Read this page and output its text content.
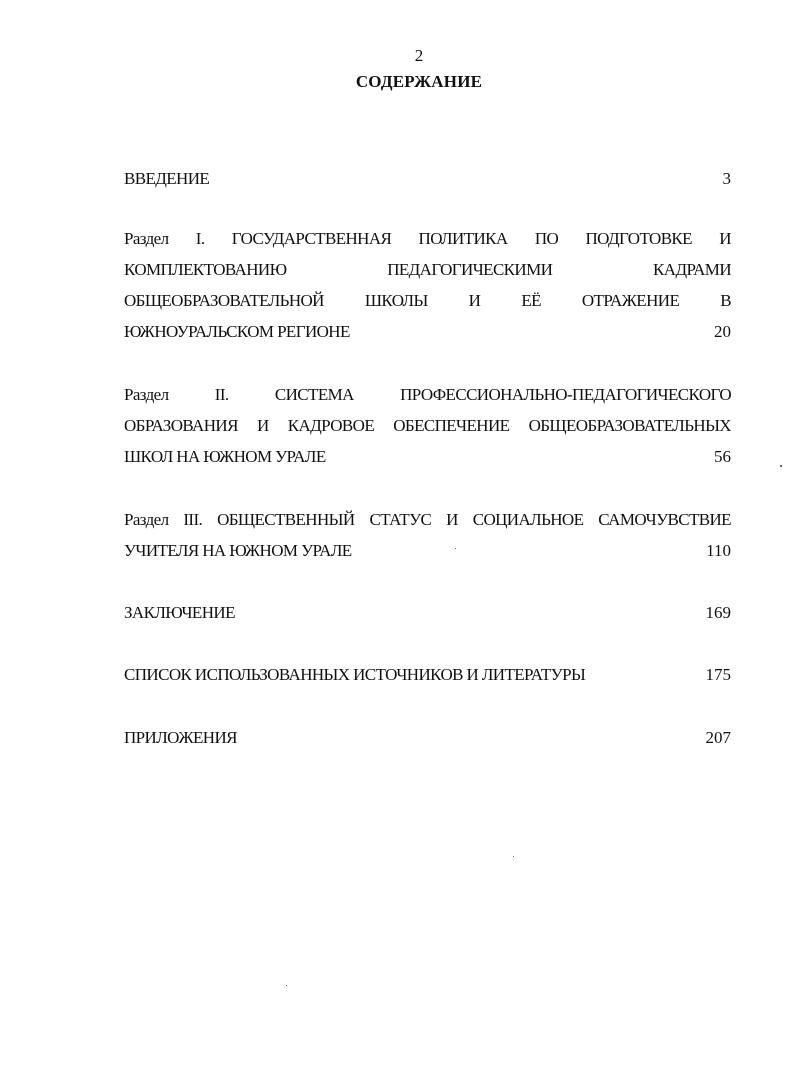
2
СОДЕРЖАНИЕ
ВВЕДЕНИЕ	3
Раздел I. ГОСУДАРСТВЕННАЯ ПОЛИТИКА ПО ПОДГОТОВКЕ И
КОМПЛЕКТОВАНИЮ	ПЕДАГОГИЧЕСКИМИ	КАДРАМИ
ОБЩЕОБРАЗОВАТЕЛЬНОЙ ШКОЛЫ И ЕЁ ОТРАЖЕНИЕ В
ЮЖНОУРАЛЬСКОМ РЕГИОНЕ	20
Раздел	II.	СИСТЕМА	ПРОФЕССИОНАЛЬНО-ПЕДАГОГИЧЕСКОГО
ОБРАЗОВАНИЯ И КАДРОВОЕ ОБЕСПЕЧЕНИЕ ОБЩЕОБРАЗОВАТЕЛЬНЫХ
ШКОЛ НА ЮЖНОМ УРАЛЕ	56
Раздел III. ОБЩЕСТВЕННЫЙ СТАТУС И СОЦИАЛЬНОЕ САМОЧУВСТВИЕ
УЧИТЕЛЯ НА ЮЖНОМ УРАЛЕ	110
ЗАКЛЮЧЕНИЕ	169
СПИСОК ИСПОЛЬЗОВАННЫХ ИСТОЧНИКОВ И ЛИТЕРАТУРЫ	175
ПРИЛОЖЕНИЯ	207
